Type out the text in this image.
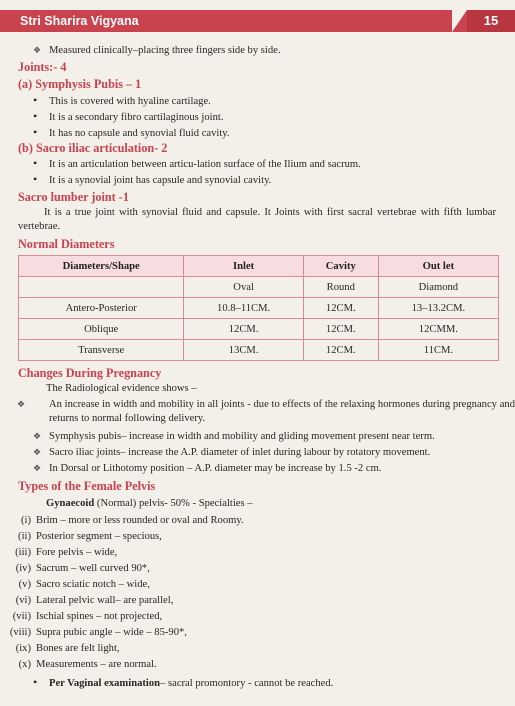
Stri Sharira Vigyana	15
❖ Measured clinically–placing three fingers side by side.
Joints:- 4
(a) Symphysis Pubis – 1
• This is covered with hyaline cartilage.
• It is a secondary fibro cartilaginous joint.
• It has no capsule and synovial fluid cavity.
(b) Sacro iliac articulation- 2
• It is an articulation between articu-lation surface of the Ilium and sacrum.
• It is a synovial joint has capsule and synovial cavity.
Sacro lumber joint -1
It is a true joint with synovial fluid and capsule. It Joints with first sacral vertebrae with fifth lumbar vertebrae.
Normal Diameters
Diameters/Shape	Inlet	Cavity	Out let
	Oval	Round	Diamond
Antero-Posterior	10.8–11CM.	12CM.	13–13.2CM.
Oblique	12CM.	12CM.	12CMM.
Transverse	13CM.	12CM.	11CM.
Changes During Pregnancy
The Radiological evidence shows –
❖ An increase in width and mobility in all joints - due to effects of the relaxing hormones during pregnancy and returns to normal following delivery.
❖ Symphysis pubis– increase in width and mobility and gliding movement present near term.
❖ Sacro iliac joints– increase the A.P. diameter of inlet during labour by rotatory movement.
❖ In Dorsal or Lithotomy position – A.P. diameter may be increase by 1.5 -2 cm.
Types of the Female Pelvis
Gynaecoid (Normal) pelvis- 50% - Specialties –
(i) Brim – more or less rounded or oval and Roomy.
(ii) Posterior segment – specious,
(iii) Fore pelvis – wide,
(iv) Sacrum – well curved 90*,
(v) Sacro sciatic notch – wide,
(vi) Lateral pelvic wall– are parallel,
(vii) Ischial spines – not projected,
(viii) Supra pubic angle – wide – 85-90*,
(ix) Bones are felt light,
(x) Measurements – are normal.
• Per Vaginal examination– sacral promontory - cannot be reached.
